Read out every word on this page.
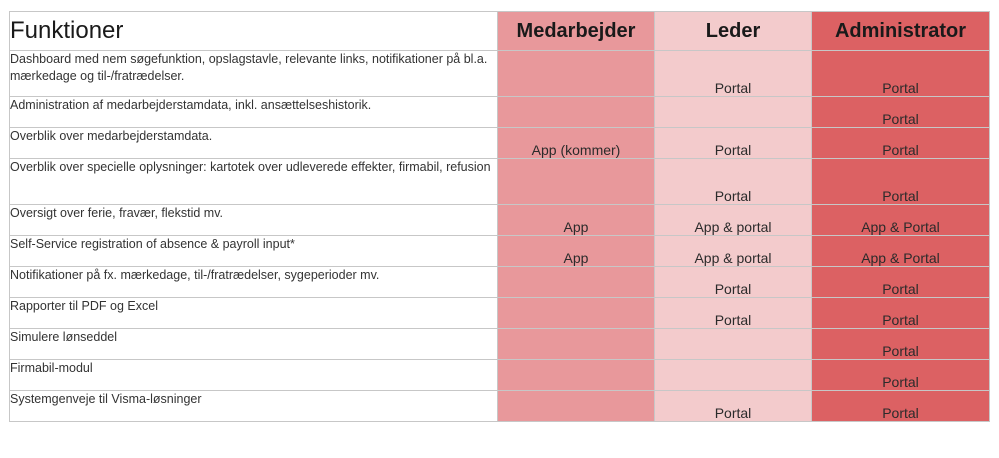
Funktioner	Medarbejder	Leder	Administrator
Dashboard med nem søgefunktion, opslagstavle, relevante links, notifikationer på bl.a. mærkedage og til-/fratrædelser.		Portal	Portal
Administration af medarbejderstamdata, inkl. ansættelseshistorik.			Portal
Overblik over medarbejderstamdata.	App (kommer)	Portal	Portal
Overblik over specielle oplysninger: kartotek over udleverede effekter, firmabil, refusion		Portal	Portal
Oversigt over ferie, fravær, flekstid mv.	App	App & portal	App & Portal
Self-Service registration of absence & payroll input*	App	App & portal	App & Portal
Notifikationer på fx. mærkedage, til-/fratrædelser, sygeperioder mv.		Portal	Portal
Rapporter til PDF og Excel		Portal	Portal
Simulere lønseddel			Portal
Firmabil-modul			Portal
Systemgenveje til Visma-løsninger		Portal	Portal
